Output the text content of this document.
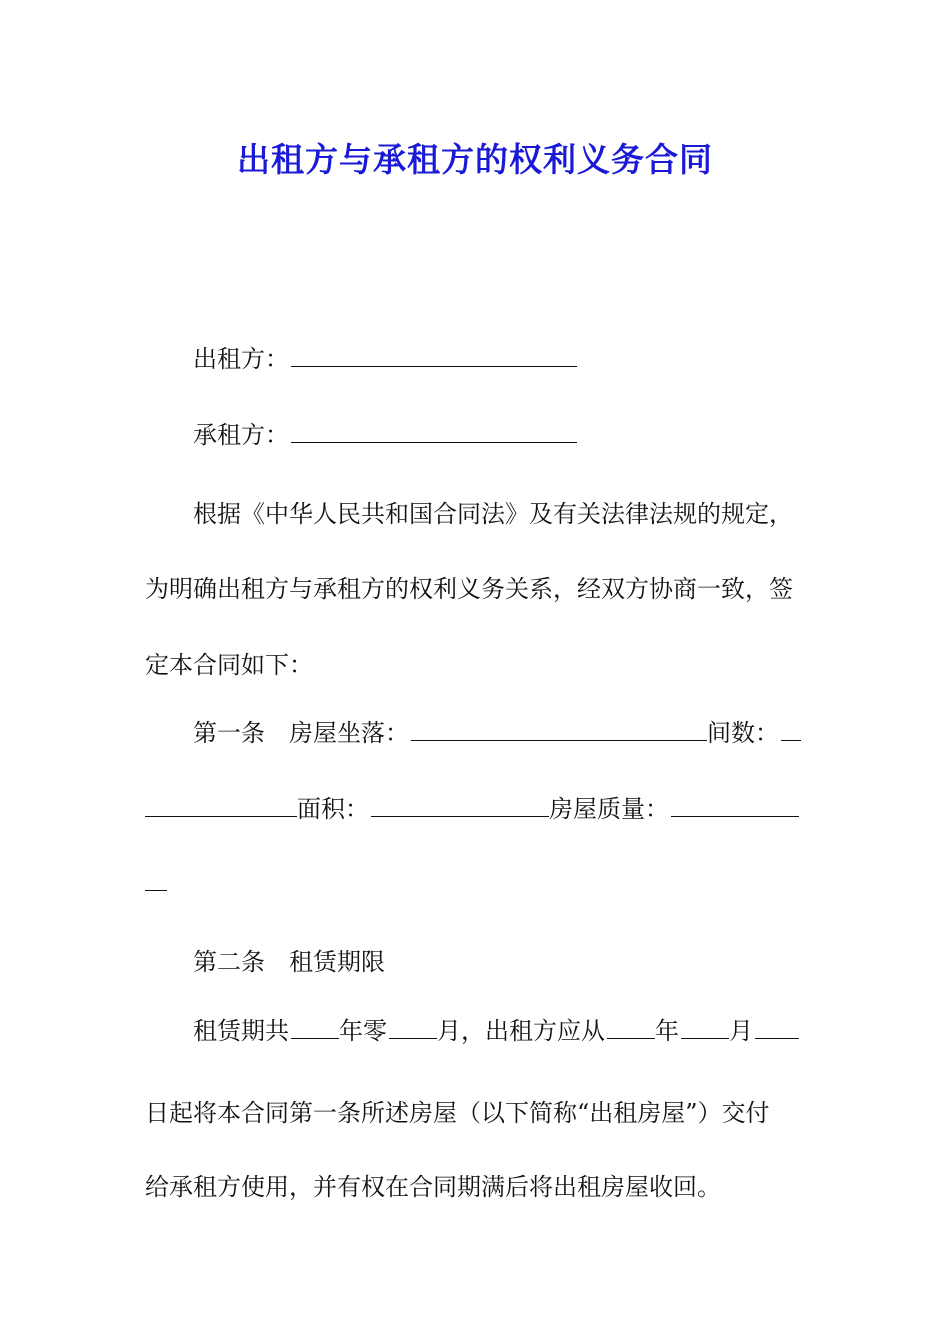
出租方与承租方的权利义务合同
出租方：
承租方：
根据《中华人民共和国合同法》及有关法律法规的规定，
为明确出租方与承租方的权利义务关系，经双方协商一致，签
定本合同如下：
第一条　房屋坐落：	间数：
面积：	房屋质量：
第二条　租赁期限
租赁期共 年零 月，出租方应从 年 月
日起将本合同第一条所述房屋（以下简称“出租房屋”）交付
给承租方使用，并有权在合同期满后将出租房屋收回。
